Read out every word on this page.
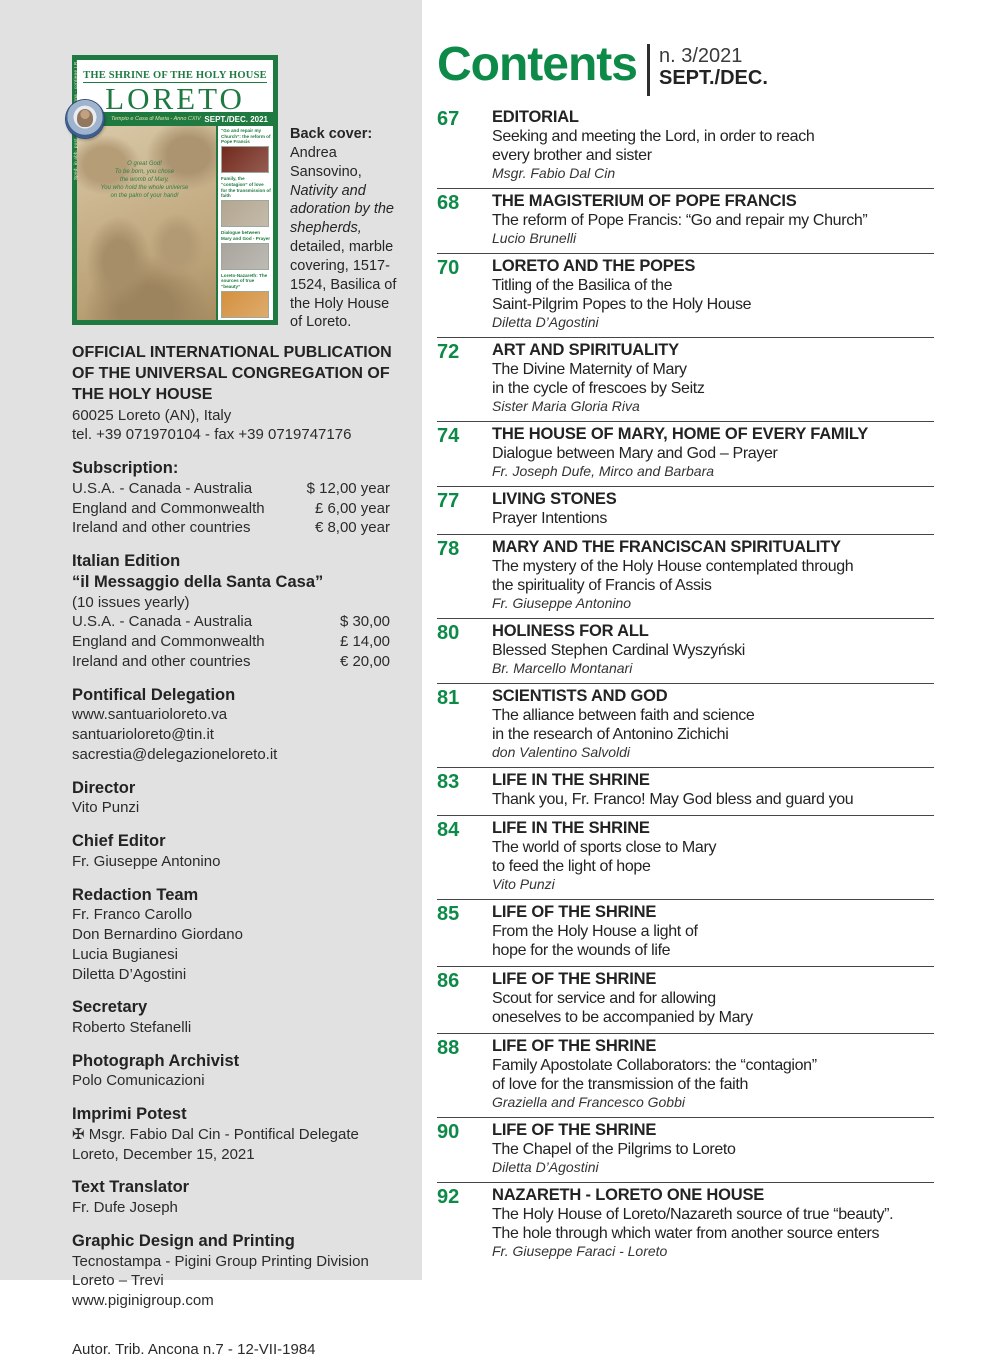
THE SHRINE OF THE HOLY HOUSE
LORETO
Tempio e Casa di Maria - Anno CXIV SEPT./DEC. 2021
O great God!
To be born, you chose
the womb of Mary,
You who hold the whole universe
on the palm of your hand!
“Go and repair my Church”: the reform of Pope Francis
Family, the “contagion” of love for the transmission of faith
Dialogue between Mary and God - Prayer
Loreto-Nazareth: The sources of true “beauty”
Back cover:
Andrea Sansovino, Nativity and adoration by the shepherds, detailed, marble covering, 1517-1524, Basilica of the Holy House of Loreto.
OFFICIAL INTERNATIONAL PUBLICATION
OF THE UNIVERSAL CONGREGATION OF
THE HOLY HOUSE
60025 Loreto (AN), Italy
tel. +39 071970104 - fax +39 0719747176
Subscription:
U.S.A. - Canada - Australia	$ 12,00 year
England and Commonwealth	£ 6,00 year
Ireland and other countries	€ 8,00 year
Italian Edition
“il Messaggio della Santa Casa”
(10 issues yearly)
U.S.A. - Canada - Australia	$ 30,00
England and Commonwealth	£ 14,00
Ireland and other countries	€ 20,00
Pontifical Delegation
www.santuarioloreto.va
santuarioloreto@tin.it
sacrestia@delegazioneloreto.it
Director
Vito Punzi
Chief Editor
Fr. Giuseppe Antonino
Redaction Team
Fr. Franco Carollo
Don Bernardino Giordano
Lucia Bugianesi
Diletta D’Agostini
Secretary
Roberto Stefanelli
Photograph Archivist
Polo Comunicazioni
Imprimi Potest
✠ Msgr. Fabio Dal Cin - Pontifical Delegate
Loreto, December 15, 2021
Text Translator
Fr. Dufe Joseph
Graphic Design and Printing
Tecnostampa - Pigini Group Printing Division
Loreto – Trevi
www.piginigroup.com
Autor. Trib. Ancona n.7 - 12-VII-1984
Contents n. 3/2021
SEPT./DEC.
67	EDITORIAL
Seeking and meeting the Lord, in order to reach
every brother and sister
Msgr. Fabio Dal Cin
68	THE MAGISTERIUM OF POPE FRANCIS
The reform of Pope Francis: “Go and repair my Church”
Lucio Brunelli
70	LORETO AND THE POPES
Titling of the Basilica of the
Saint-Pilgrim Popes to the Holy House
Diletta D’Agostini
72	ART AND SPIRITUALITY
The Divine Maternity of Mary
in the cycle of frescoes by Seitz
Sister Maria Gloria Riva
74	THE HOUSE OF MARY, HOME OF EVERY FAMILY
Dialogue between Mary and God – Prayer
Fr. Joseph Dufe, Mirco and Barbara
77	LIVING STONES
Prayer Intentions
78	MARY AND THE FRANCISCAN SPIRITUALITY
The mystery of the Holy House contemplated through
the spirituality of Francis of Assis
Fr. Giuseppe Antonino
80	HOLINESS FOR ALL
Blessed Stephen Cardinal Wyszyński
Br. Marcello Montanari
81	SCIENTISTS AND GOD
The alliance between faith and science
in the research of Antonino Zichichi
don Valentino Salvoldi
83	LIFE IN THE SHRINE
Thank you, Fr. Franco! May God bless and guard you
84	LIFE IN THE SHRINE
The world of sports close to Mary
to feed the light of hope
Vito Punzi
85	LIFE OF THE SHRINE
From the Holy House a light of
hope for the wounds of life
86	LIFE OF THE SHRINE
Scout for service and for allowing
oneselves to be accompanied by Mary
88	LIFE OF THE SHRINE
Family Apostolate Collaborators: the “contagion”
of love for the transmission of the faith
Graziella and Francesco Gobbi
90	LIFE OF THE SHRINE
The Chapel of the Pilgrims to Loreto
Diletta D’Agostini
92	NAZARETH - LORETO ONE HOUSE
The Holy House of Loreto/Nazareth source of true “beauty”.
The hole through which water from another source enters
Fr. Giuseppe Faraci - Loreto
